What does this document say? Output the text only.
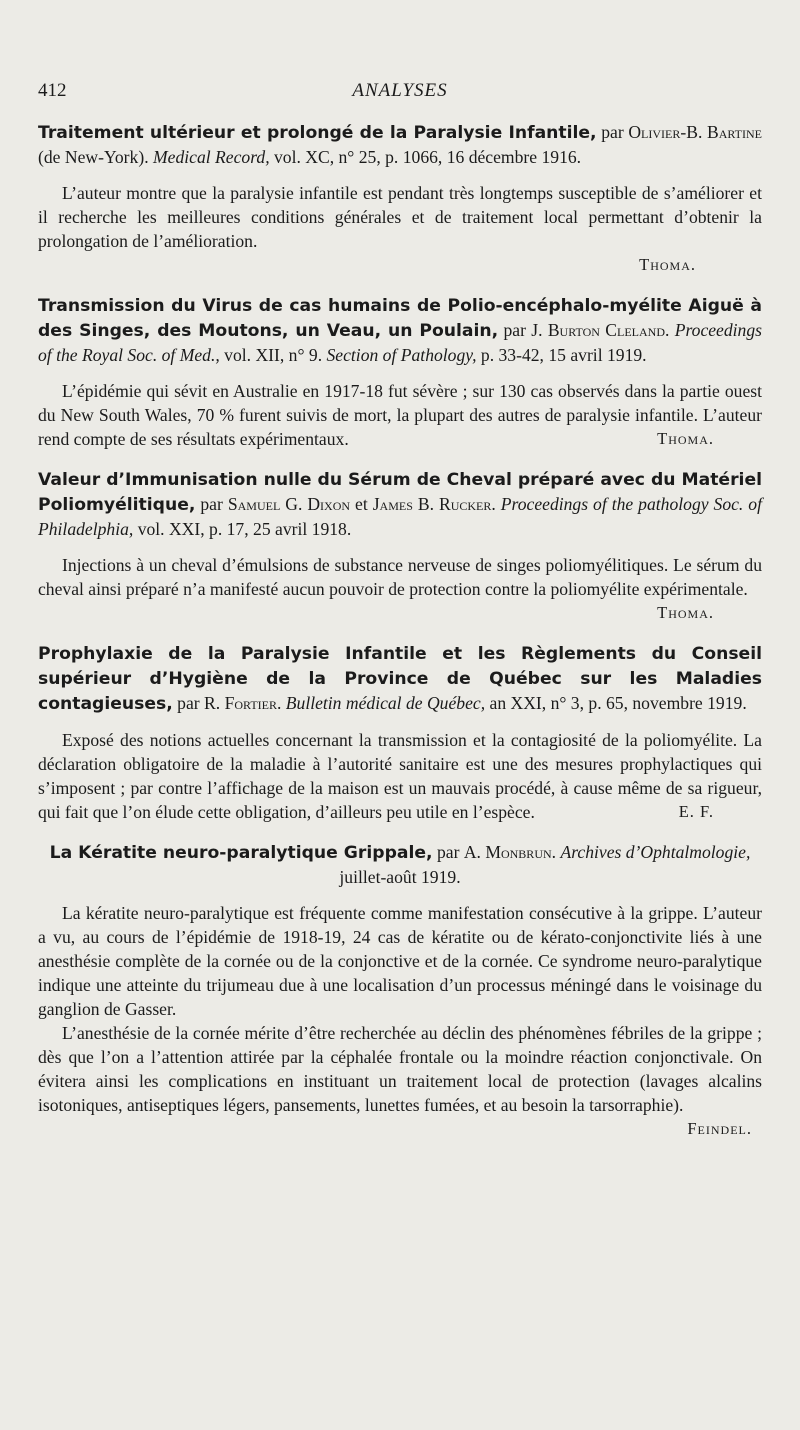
412	ANALYSES

Traitement ultérieur et prolongé de la Paralysie Infantile, par Olivier-B. Bartine (de New-York). Medical Record, vol. XC, n° 25, p. 1066, 16 décembre 1916.

L’auteur montre que la paralysie infantile est pendant très longtemps susceptible de s’améliorer et il recherche les meilleures conditions générales et de traitement local permettant d’obtenir la prolongation de l’amélioration.

Thoma.

Transmission du Virus de cas humains de Polio-encéphalo-myélite Aiguë à des Singes, des Moutons, un Veau, un Poulain, par J. Burton Cleland. Proceedings of the Royal Soc. of Med., vol. XII, n° 9. Section of Pathology, p. 33-42, 15 avril 1919.

L’épidémie qui sévit en Australie en 1917-18 fut sévère ; sur 130 cas observés dans la partie ouest du New South Wales, 70 % furent suivis de mort, la plupart des autres de paralysie infantile. L’auteur rend compte de ses résultats expérimentaux.	Thoma.

Valeur d’Immunisation nulle du Sérum de Cheval préparé avec du Matériel Poliomyélitique, par Samuel G. Dixon et James B. Rucker. Proceedings of the pathology Soc. of Philadelphia, vol. XXI, p. 17, 25 avril 1918.

Injections à un cheval d’émulsions de substance nerveuse de singes poliomyélitiques. Le sérum du cheval ainsi préparé n’a manifesté aucun pouvoir de protection contre la poliomyélite expérimentale.
Thoma.

Prophylaxie de la Paralysie Infantile et les Règlements du Conseil supérieur d’Hygiène de la Province de Québec sur les Maladies contagieuses, par R. Fortier. Bulletin médical de Québec, an XXI, n° 3, p. 65, novembre 1919.

Exposé des notions actuelles concernant la transmission et la contagiosité de la poliomyélite. La déclaration obligatoire de la maladie à l’autorité sanitaire est une des mesures prophylactiques qui s’imposent ; par contre l’affichage de la maison est un mauvais procédé, à cause même de sa rigueur, qui fait que l’on élude cette obligation, d’ailleurs peu utile en l’espèce.	E. F.

La Kératite neuro-paralytique Grippale, par A. Monbrun. Archives d’Ophtalmologie, juillet-août 1919.

La kératite neuro-paralytique est fréquente comme manifestation consécutive à la grippe. L’auteur a vu, au cours de l’épidémie de 1918-19, 24 cas de kératite ou de kérato-conjonctivite liés à une anesthésie complète de la cornée ou de la conjonctive et de la cornée. Ce syndrome neuro-paralytique indique une atteinte du trijumeau due à une localisation d’un processus méningé dans le voisinage du ganglion de Gasser.

L’anesthésie de la cornée mérite d’être recherchée au déclin des phénomènes fébriles de la grippe ; dès que l’on a l’attention attirée par la céphalée frontale ou la moindre réaction conjonctivale. On évitera ainsi les complications en instituant un traitement local de protection (lavages alcalins isotoniques, antiseptiques légers, pansements, lunettes fumées, et au besoin la tarsorraphie).

Feindel.
